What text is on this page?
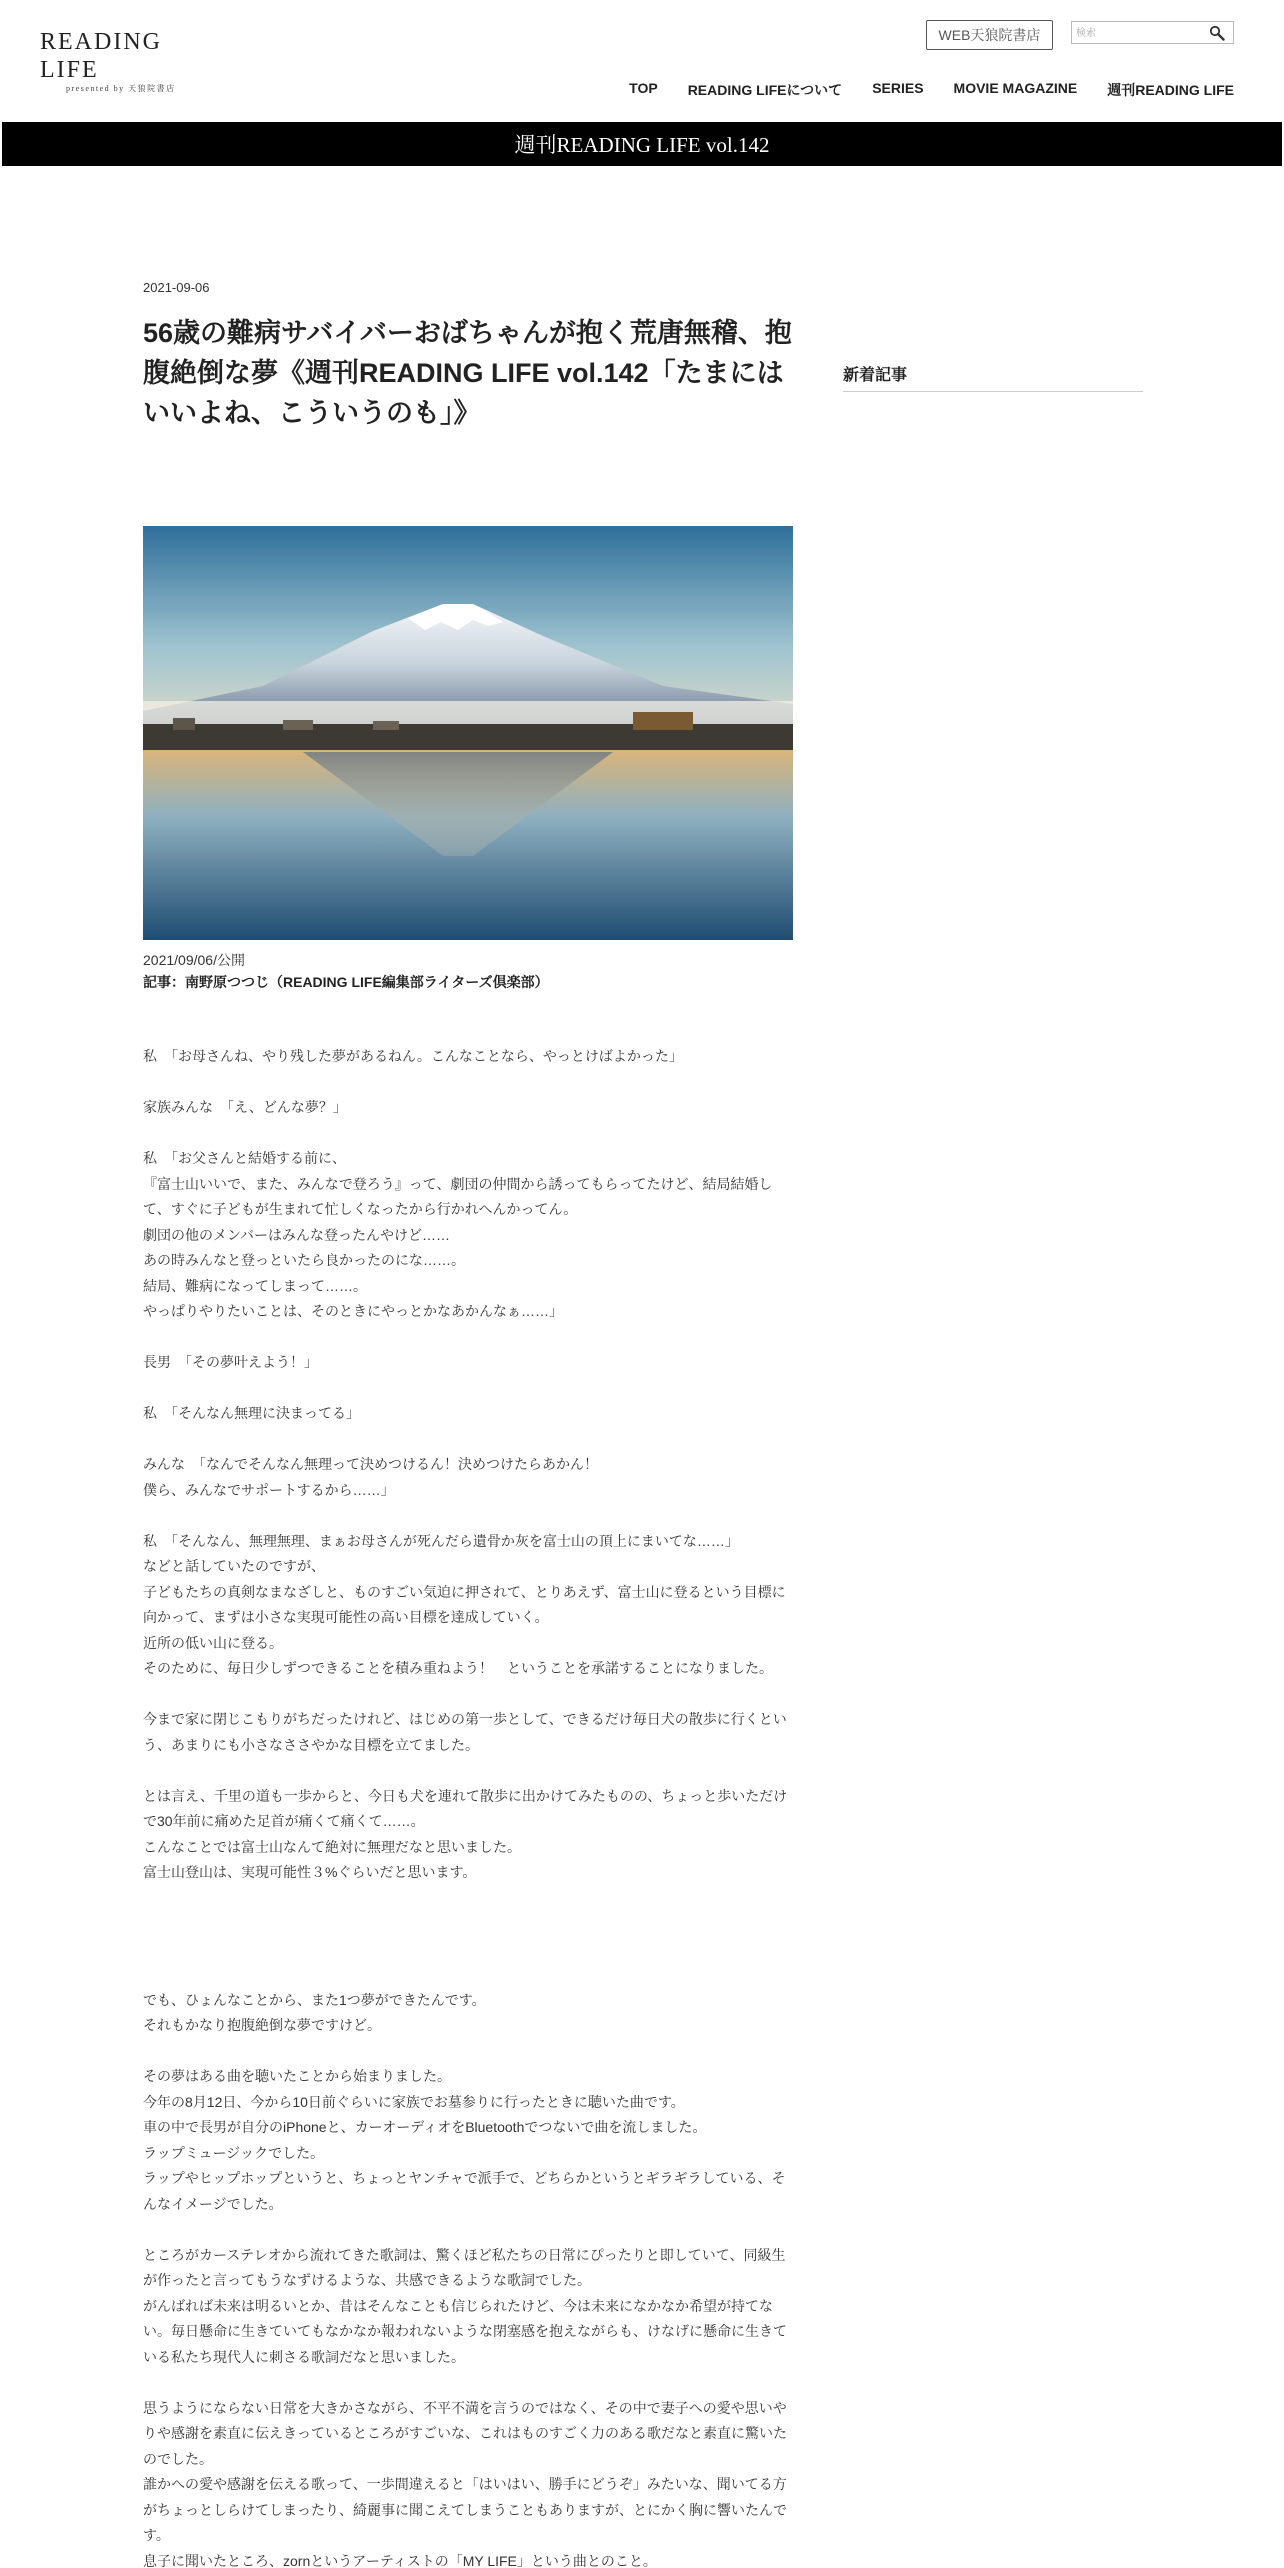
READING LIFE
presented by 天狼院書店
WEB天狼院書店
検索
TOP READING LIFEについて SERIES MOVIE MAGAZINE 週刊READING LIFE
週刊READING LIFE vol.142
2021-09-06
56歳の難病サバイバーおばちゃんが抱く荒唐無稽、抱腹絶倒な夢《週刊READING LIFE vol.142「たまにはいいよね、こういうのも」》
2021/09/06/公開
記事：南野原つつじ（READING LIFE編集部ライターズ倶楽部）
私　「お母さんね、やり残した夢があるねん。こんなことなら、やっとけばよかった」
家族みんな　「え、どんな夢？」
私　「お父さんと結婚する前に、
『富士山いいで、また、みんなで登ろう』って、劇団の仲間から誘ってもらってたけど、結局結婚して、すぐに子どもが生まれて忙しくなったから行かれへんかってん。
劇団の他のメンバーはみんな登ったんやけど……
あの時みんなと登っといたら良かったのにな……。
結局、難病になってしまって……。
やっぱりやりたいことは、そのときにやっとかなあかんなぁ……」
長男　「その夢叶えよう！」
私　「そんなん無理に決まってる」
みんな　「なんでそんなん無理って決めつけるん！決めつけたらあかん！
僕ら、みんなでサポートするから……」
私　「そんなん、無理無理、まぁお母さんが死んだら遺骨か灰を富士山の頂上にまいてな……」
などと話していたのですが、
子どもたちの真剣なまなざしと、ものすごい気迫に押されて、とりあえず、富士山に登るという目標に向かって、まずは小さな実現可能性の高い目標を達成していく。
近所の低い山に登る。
そのために、毎日少しずつできることを積み重ねよう！　ということを承諾することになりました。
今まで家に閉じこもりがちだったけれど、はじめの第一歩として、できるだけ毎日犬の散歩に行くという、あまりにも小さなささやかな目標を立てました。
とは言え、千里の道も一歩からと、今日も犬を連れて散歩に出かけてみたものの、ちょっと歩いただけで30年前に痛めた足首が痛くて痛くて……。
こんなことでは富士山なんて絶対に無理だなと思いました。
富士山登山は、実現可能性３%ぐらいだと思います。
でも、ひょんなことから、また1つ夢ができたんです。
それもかなり抱腹絶倒な夢ですけど。
その夢はある曲を聴いたことから始まりました。
今年の8月12日、今から10日前ぐらいに家族でお墓参りに行ったときに聴いた曲です。
車の中で長男が自分のiPhoneと、カーオーディオをBluetoothでつないで曲を流しました。
ラップミュージックでした。
ラップやヒップホップというと、ちょっとヤンチャで派手で、どちらかというとギラギラしている、そんなイメージでした。
ところがカーステレオから流れてきた歌詞は、驚くほど私たちの日常にぴったりと即していて、同級生が作ったと言ってもうなずけるような、共感できるような歌詞でした。
がんばれば未来は明るいとか、昔はそんなことも信じられたけど、今は未来になかなか希望が持てない。毎日懸命に生きていてもなかなか報われないような閉塞感を抱えながらも、けなげに懸命に生きている私たち現代人に刺さる歌詞だなと思いました。
思うようにならない日常を大きかさながら、不平不満を言うのではなく、その中で妻子への愛や思いやりや感謝を素直に伝えきっているところがすごいな、これはものすごく力のある歌だなと素直に驚いたのでした。
誰かへの愛や感謝を伝える歌って、一歩間違えると「はいはい、勝手にどうぞ」みたいな、聞いてる方がちょっとしらけてしまったり、綺麗事に聞こえてしまうこともありますが、とにかく胸に響いたんです。
息子に聞いたところ、zornというアーティストの「MY LIFE」という曲とのこと。
新着記事
